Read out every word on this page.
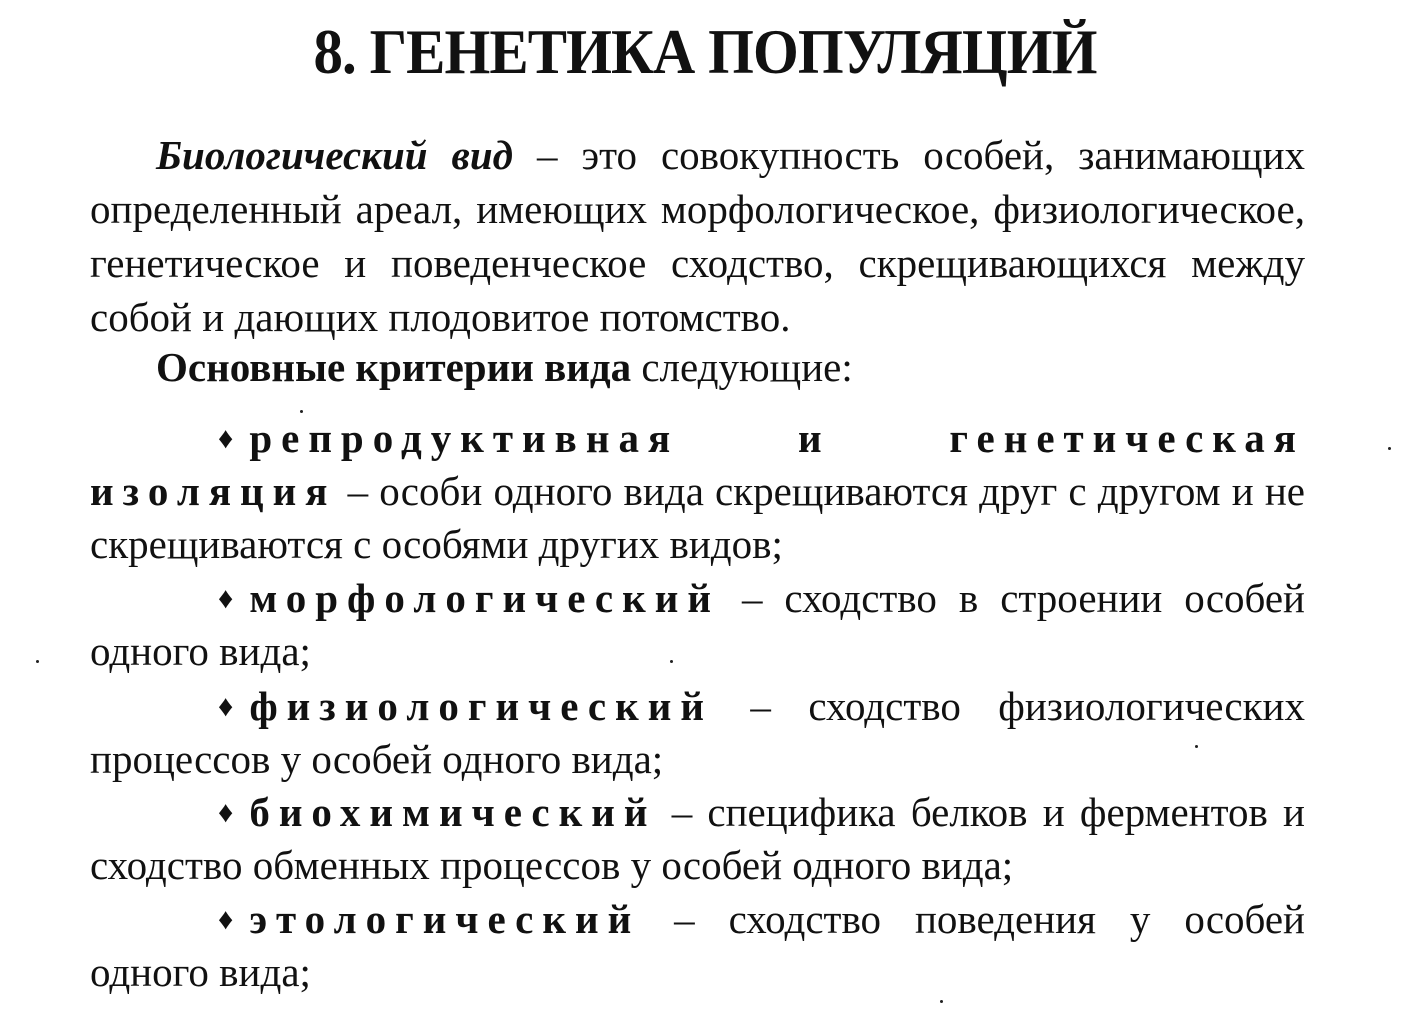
8. ГЕНЕТИКА ПОПУЛЯЦИЙ

Биологический вид – это совокупность особей, занимающих определенный ареал, имеющих морфологическое, физиологическое, генетическое и поведенческое сходство, скрещивающихся между собой и дающих плодовитое потомство.

Основные критерии вида следующие:

♦ репродуктивная и генетическая изоляция – особи одного вида скрещиваются друг с другом и не скрещиваются с особями других видов;

♦ морфологический – сходство в строении особей одного вида;

♦ физиологический – сходство физиологических процессов у особей одного вида;

♦ биохимический – специфика белков и ферментов и сходство обменных процессов у особей одного вида;

♦ этологический – сходство поведения у особей одного вида;
